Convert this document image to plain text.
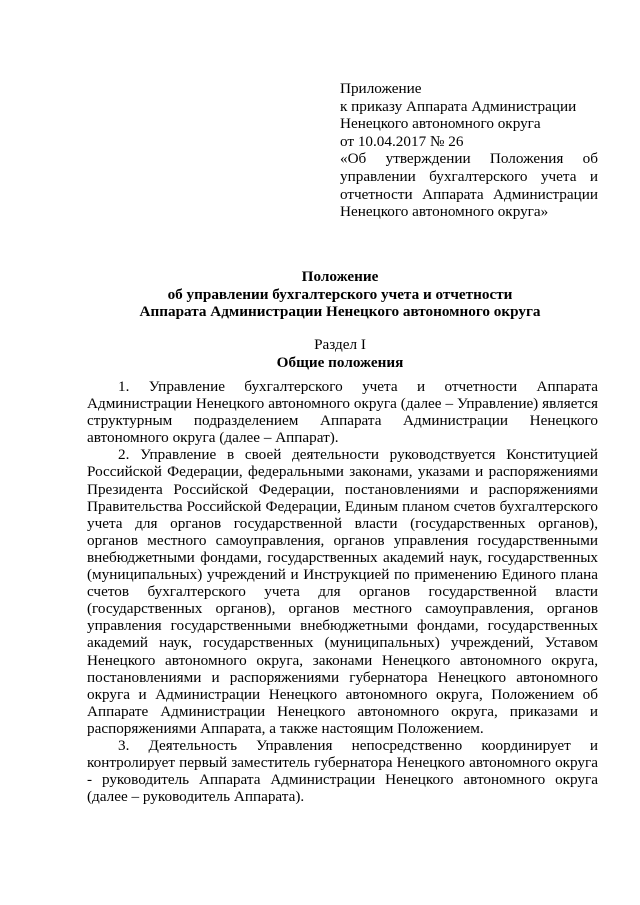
Приложение
к приказу Аппарата Администрации
Ненецкого автономного округа
от 10.04.2017 № 26
«Об утверждении Положения об управлении бухгалтерского учета и отчетности Аппарата Администрации Ненецкого автономного округа»
Положение
об управлении бухгалтерского учета и отчетности
Аппарата Администрации Ненецкого автономного округа
Раздел I
Общие положения

1. Управление бухгалтерского учета и отчетности Аппарата Администрации Ненецкого автономного округа (далее – Управление) является структурным подразделением Аппарата Администрации Ненецкого автономного округа (далее – Аппарат).

2. Управление в своей деятельности руководствуется Конституцией Российской Федерации, федеральными законами, указами и распоряжениями Президента Российской Федерации, постановлениями и распоряжениями Правительства Российской Федерации, Единым планом счетов бухгалтерского учета для органов государственной власти (государственных органов), органов местного самоуправления, органов управления государственными внебюджетными фондами, государственных академий наук, государственных (муниципальных) учреждений и Инструкцией по применению Единого плана счетов бухгалтерского учета для органов государственной власти (государственных органов), органов местного самоуправления, органов управления государственными внебюджетными фондами, государственных академий наук, государственных (муниципальных) учреждений, Уставом Ненецкого автономного округа, законами Ненецкого автономного округа, постановлениями и распоряжениями губернатора Ненецкого автономного округа и Администрации Ненецкого автономного округа, Положением об Аппарате Администрации Ненецкого автономного округа, приказами и распоряжениями Аппарата, а также настоящим Положением.

3. Деятельность Управления непосредственно координирует и контролирует первый заместитель губернатора Ненецкого автономного округа - руководитель Аппарата Администрации Ненецкого автономного округа (далее – руководитель Аппарата).
